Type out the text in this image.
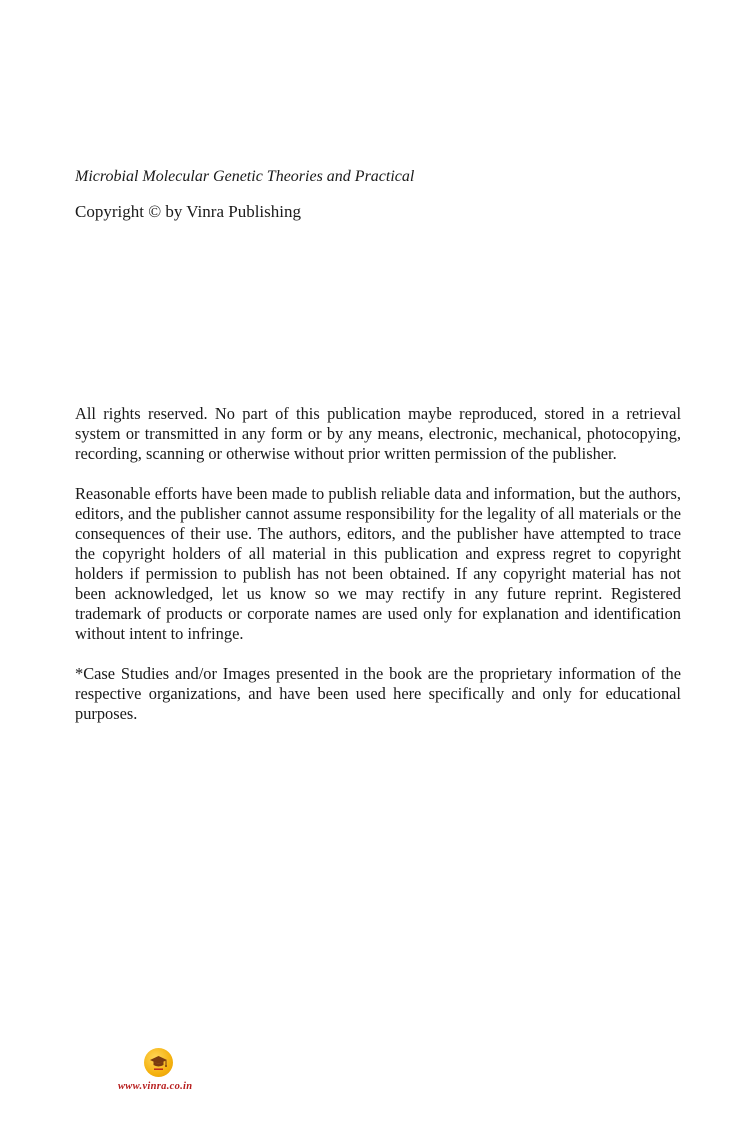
Microbial Molecular Genetic Theories and Practical
Copyright © by Vinra Publishing

All rights reserved. No part of this publication maybe reproduced, stored in a retrieval system or transmitted in any form or by any means, electronic, mechanical, photocopying, recording, scanning or otherwise without prior written permission of the publisher.

Reasonable efforts have been made to publish reliable data and information, but the authors, editors, and the publisher cannot assume responsibility for the legality of all materials or the consequences of their use. The authors, editors, and the publisher have attempted to trace the copyright holders of all material in this publication and express regret to copyright holders if permission to publish has not been obtained. If any copyright material has not been acknowledged, let us know so we may rectify in any future reprint. Registered trademark of products or corporate names are used only for explanation and identification without intent to infringe.

*Case Studies and/or Images presented in the book are the proprietary information of the respective organizations, and have been used here specifically and only for educational purposes.

www.vinra.co.in
